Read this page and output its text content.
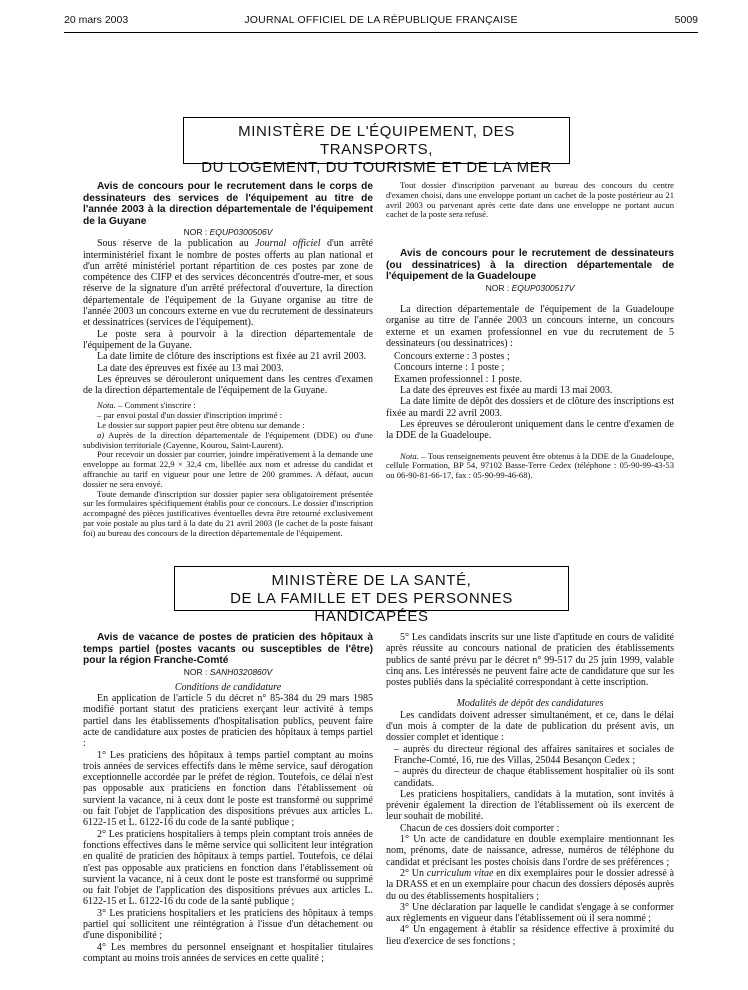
20 mars 2003	JOURNAL OFFICIEL DE LA RÉPUBLIQUE FRANÇAISE	5009
MINISTÈRE DE L'ÉQUIPEMENT, DES TRANSPORTS,
DU LOGEMENT, DU TOURISME ET DE LA MER

Avis de concours pour le recrutement dans le corps de dessinateurs des services de l'équipement au titre de l'année 2003 à la direction départementale de l'équipement de la Guyane

NOR : EQUP0300506V

Sous réserve de la publication au Journal officiel d'un arrêté interministériel fixant le nombre de postes offerts au plan national et d'un arrêté ministériel portant répartition de ces postes par zone de compétence des CIFP et des services déconcentrés d'outre-mer, et sous réserve de la signature d'un arrêté préfectoral d'ouverture, la direction départementale de l'équipement de la Guyane organise au titre de l'année 2003 un concours externe en vue du recrutement de dessinateurs et dessinatrices (services de l'équipement).

Le poste sera à pourvoir à la direction départementale de l'équipement de la Guyane.

La date limite de clôture des inscriptions est fixée au 21 avril 2003.

La date des épreuves est fixée au 13 mai 2003.

Les épreuves se dérouleront uniquement dans les centres d'examen de la direction départementale de l'équipement de la Guyane.

Nota. – Comment s'inscrire :

– par envoi postal d'un dossier d'inscription imprimé :

Le dossier sur support papier peut être obtenu sur demande :

a) Auprès de la direction départementale de l'équipement (DDE) ou d'une subdivision territoriale (Cayenne, Kourou, Saint-Laurent).

Pour recevoir un dossier par courrier, joindre impérativement à la demande une enveloppe au format 22,9 × 32,4 cm, libellée aux nom et adresse du candidat et affranchie au tarif en vigueur pour une lettre de 200 grammes. A défaut, aucun dossier ne sera envoyé.

Toute demande d'inscription sur dossier papier sera obligatoirement présentée sur les formulaires spécifiquement établis pour ce concours. Le dossier d'inscription accompagné des pièces justificatives éventuelles devra être retourné exclusivement par voie postale au plus tard à la date du 21 avril 2003 (le cachet de la poste faisant foi) au bureau des concours de la direction départementale de l'équipement.

Tout dossier d'inscription parvenant au bureau des concours du centre d'examen choisi, dans une enveloppe portant un cachet de la poste postérieur au 21 avril 2003 ou parvenant après cette date dans une enveloppe ne portant aucun cachet de la poste sera refusé.

Avis de concours pour le recrutement de dessinateurs (ou dessinatrices) à la direction départementale de l'équipement de la Guadeloupe

NOR : EQUP0300517V

La direction départementale de l'équipement de la Guadeloupe organise au titre de l'année 2003 un concours interne, un concours externe et un examen professionnel en vue du recrutement de 5 dessinateurs (ou dessinatrices) :

Concours externe : 3 postes ;

Concours interne : 1 poste ;

Examen professionnel : 1 poste.

La date des épreuves est fixée au mardi 13 mai 2003.

La date limite de dépôt des dossiers et de clôture des inscriptions est fixée au mardi 22 avril 2003.

Les épreuves se dérouleront uniquement dans le centre d'examen de la DDE de la Guadeloupe.

Nota. – Tous renseignements peuvent être obtenus à la DDE de la Guadeloupe, cellule Formation, BP 54, 97102 Basse-Terre Cedex (téléphone : 05-90-99-43-53 ou 06-90-81-66-17, fax : 05-90-99-46-68).

MINISTÈRE DE LA SANTÉ,
DE LA FAMILLE ET DES PERSONNES HANDICAPÉES

Avis de vacance de postes de praticien des hôpitaux à temps partiel (postes vacants ou susceptibles de l'être) pour la région Franche-Comté

NOR : SANH0320860V

Conditions de candidature

En application de l'article 5 du décret n° 85-384 du 29 mars 1985 modifié portant statut des praticiens exerçant leur activité à temps partiel dans les établissements d'hospitalisation publics, peuvent faire acte de candidature aux postes de praticien des hôpitaux à temps partiel :

1° Les praticiens des hôpitaux à temps partiel comptant au moins trois années de services effectifs dans le même service, sauf dérogation exceptionnelle accordée par le préfet de région. Toutefois, ce délai n'est pas opposable aux praticiens en fonction dans l'établissement où survient la vacance, ni à ceux dont le poste est transformé ou supprimé ou fait l'objet de l'application des dispositions prévues aux articles L. 6122-15 et L. 6122-16 du code de la santé publique ;

2° Les praticiens hospitaliers à temps plein comptant trois années de fonctions effectives dans le même service qui sollicitent leur intégration en qualité de praticien des hôpitaux à temps partiel. Toutefois, ce délai n'est pas opposable aux praticiens en fonction dans l'établissement où survient la vacance, ni à ceux dont le poste est transformé ou supprimé ou fait l'objet de l'application des dispositions prévues aux articles L. 6122-15 et L. 6122-16 du code de la santé publique ;

3° Les praticiens hospitaliers et les praticiens des hôpitaux à temps partiel qui sollicitent une réintégration à l'issue d'un détachement ou d'une disponibilité ;

4° Les membres du personnel enseignant et hospitalier titulaires comptant au moins trois années de services en cette qualité ;

5° Les candidats inscrits sur une liste d'aptitude en cours de validité après réussite au concours national de praticien des établissements publics de santé prévu par le décret n° 99-517 du 25 juin 1999, valable cinq ans. Les intéressés ne peuvent faire acte de candidature que sur les postes publiés dans la spécialité correspondant à cette inscription.

Modalités de dépôt des candidatures

Les candidats doivent adresser simultanément, et ce, dans le délai d'un mois à compter de la date de publication du présent avis, un dossier complet et identique :

– auprès du directeur régional des affaires sanitaires et sociales de Franche-Comté, 16, rue des Villas, 25044 Besançon Cedex ;

– auprès du directeur de chaque établissement hospitalier où ils sont candidats.

Les praticiens hospitaliers, candidats à la mutation, sont invités à prévenir également la direction de l'établissement où ils exercent de leur souhait de mobilité.

Chacun de ces dossiers doit comporter :

1° Un acte de candidature en double exemplaire mentionnant les nom, prénoms, date de naissance, adresse, numéros de téléphone du candidat et précisant les postes choisis dans l'ordre de ses préférences ;

2° Un curriculum vitae en dix exemplaires pour le dossier adressé à la DRASS et en un exemplaire pour chacun des dossiers déposés auprès du ou des établissements hospitaliers ;

3° Une déclaration par laquelle le candidat s'engage à se conformer aux règlements en vigueur dans l'établissement où il sera nommé ;

4° Un engagement à établir sa résidence effective à proximité du lieu d'exercice de ses fonctions ;
